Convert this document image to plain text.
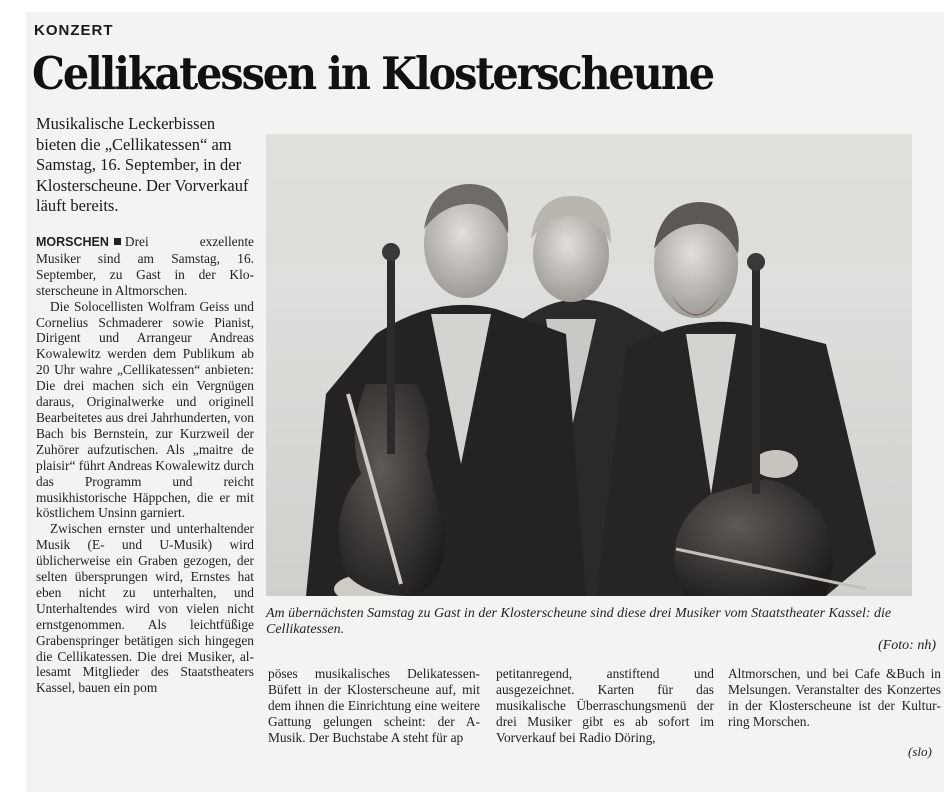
KONZERT
Cellikatessen in Klosterscheune
Musikalische Leckerbissen bieten die „Cellikatessen“ am Samstag, 16. September, in der Klosterscheune. Der Vorverkauf läuft bereits.

MORSCHEN Drei exzellente Musiker sind am Samstag, 16. September, zu Gast in der Klosterscheune in Altmorschen.

Die Solocellisten Wolfram Geiss und Cornelius Schmaderer sowie Pianist, Dirigent und Arrangeur Andreas Kowalewitz werden dem Publikum ab 20 Uhr wahre „Cellikatessen“ anbieten: Die drei machen sich ein Vergnügen daraus, Originalwerke und originell Bearbeitetes aus drei Jahrhunderten, von Bach bis Bernstein, zur Kurzweil der Zuhörer aufzutischen. Als „maitre de plaisir“ führt Andreas Kowalewitz durch das Programm und reicht musikhistorische Häppchen, die er mit köstlichem Unsinn garniert.

Zwischen ernster und unterhaltender Musik (E- und U-Musik) wird üblicherweise ein Graben gezogen, der selten übersprungen wird, Ernstes hat eben nicht zu unterhalten, und Unterhaltendes wird von vielen nicht ernstgenommen. Als leichtfüßige Grabenspringer betätigen sich hingegen die Cellikatessen. Die drei Musiker, allesamt Mitglieder des Staatstheaters Kassel, bauen ein pom

Am übernächsten Samstag zu Gast in der Klosterscheune sind diese drei Musiker vom Staatstheater Kassel: die Cellikatessen.
(Foto: nh)
pöses musikalisches Delikatessen-Büfett in der Klosterscheune auf, mit dem ihnen die Einrichtung eine weitere Gattung gelungen scheint: der A-Musik. Der Buchstabe A steht für ap
petitanregend, anstiftend und ausgezeichnet. Karten für das musikalische Überraschungsmenü der drei Musiker gibt es ab sofort im Vorverkauf bei Radio Döring,
Altmorschen, und bei Cafe &Buch in Melsungen. Veranstalter des Konzertes in der Klosterscheune ist der Kulturring Morschen.
(slo)
